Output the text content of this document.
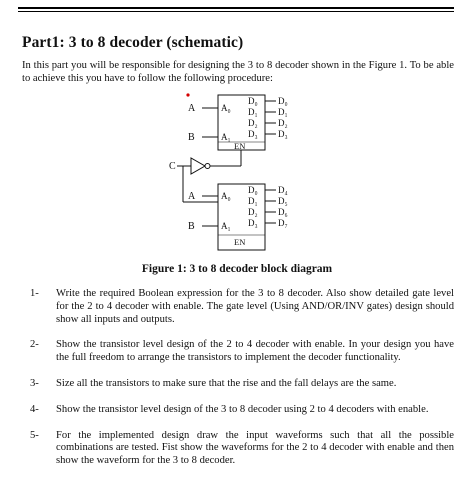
Part1: 3 to 8 decoder (schematic)
In this part you will be responsible for designing the 3 to 8 decoder shown in the Figure 1. To be able to achieve this you have to follow the following procedure:
A
B
A₀
A₁
D₀
D₁
D₂
D₃
D₀
D₁
D₂
D₃
EN
C
A
B
A₀
A₁
D₀
D₁
D₂
D₃
D₄
D₅
D₆
D₇
EN
Figure 1: 3 to 8 decoder block diagram
1- Write the required Boolean expression for the 3 to 8 decoder. Also show detailed gate level for the 2 to 4 decoder with enable. The gate level (Using AND/OR/INV gates) design should show all inputs and outputs.
2- Show the transistor level design of the 2 to 4 decoder with enable. In your design you have the full freedom to arrange the transistors to implement the decoder functionality.
3- Size all the transistors to make sure that the rise and the fall delays are the same.
4- Show the transistor level design of the 3 to 8 decoder using 2 to 4 decoders with enable.
5- For the implemented design draw the input waveforms such that all the possible combinations are tested. Fist show the waveforms for the 2 to 4 decoder with enable and then show the waveform for the 3 to 8 decoder.
